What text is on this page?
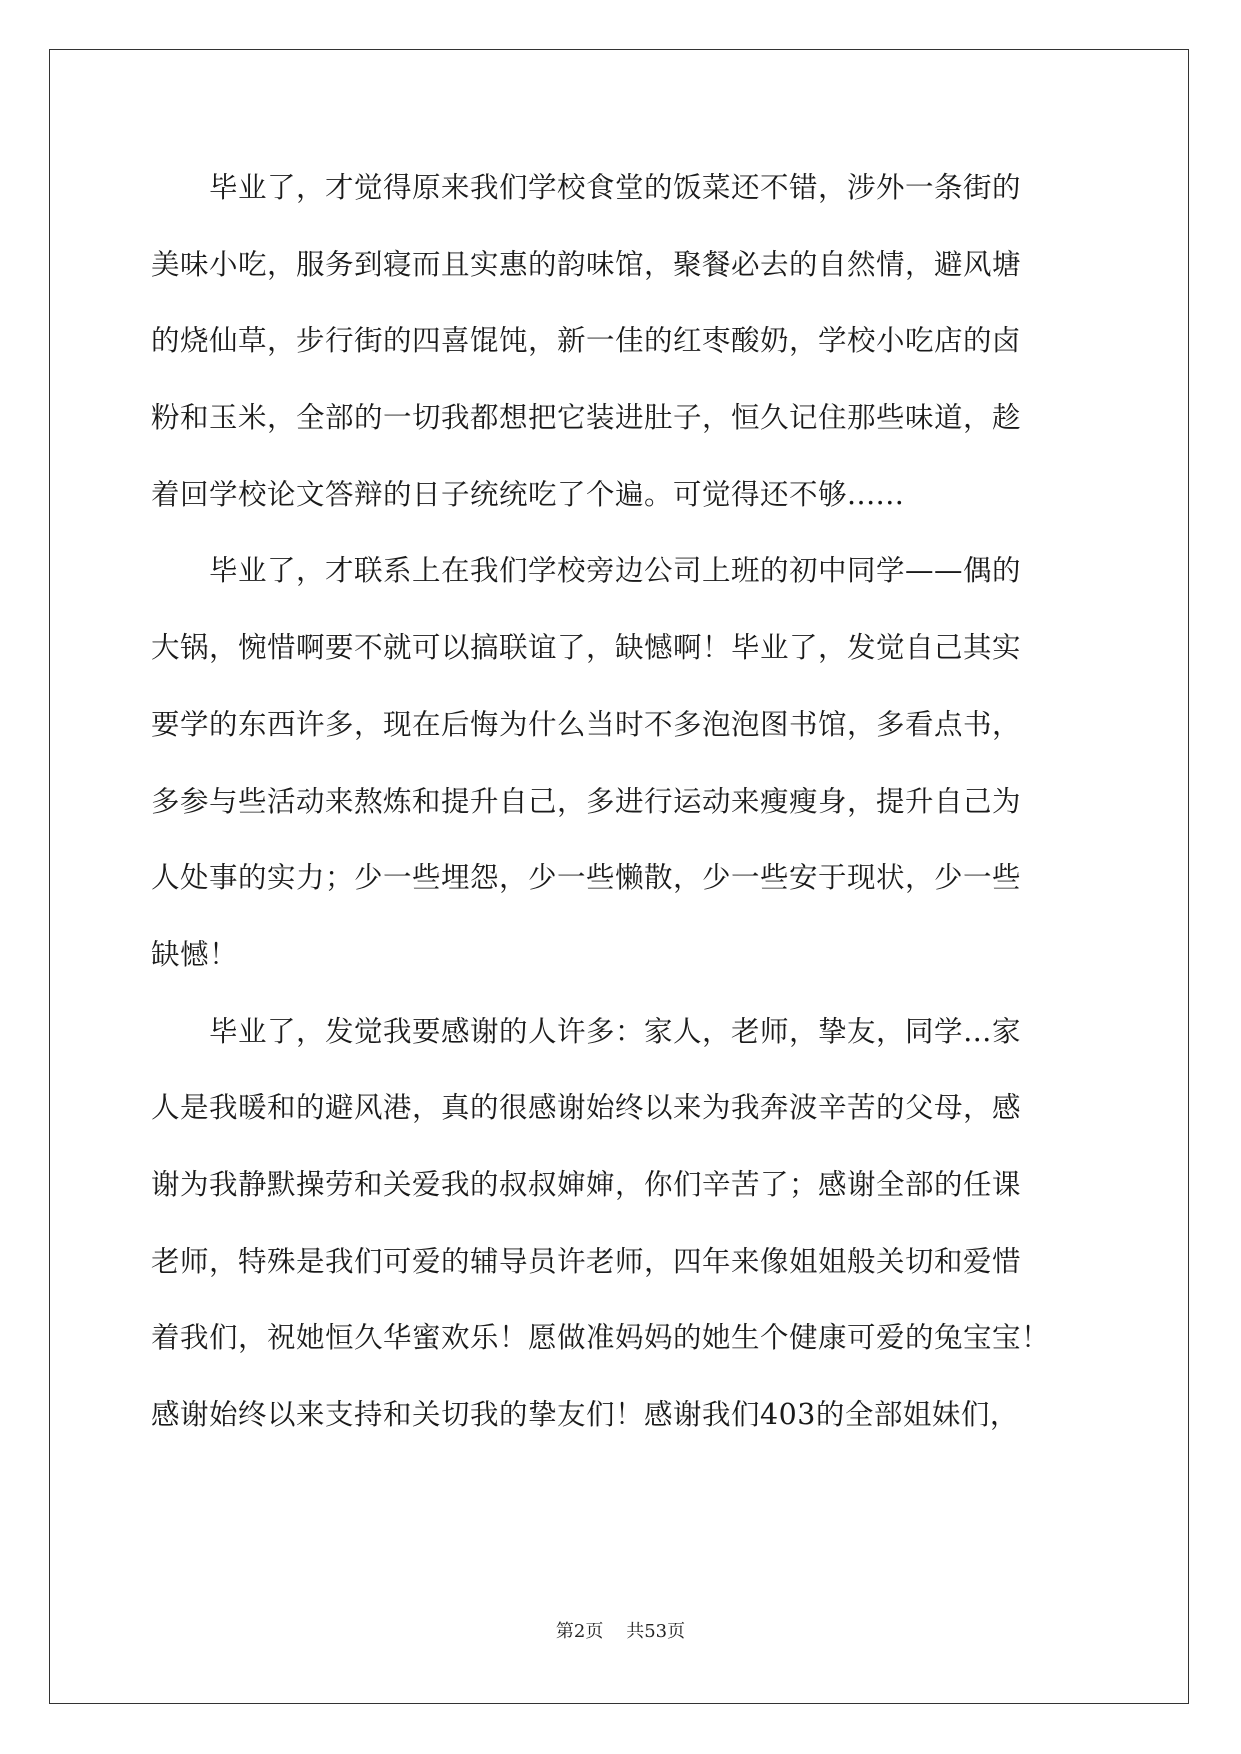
毕业了，才觉得原来我们学校食堂的饭菜还不错，涉外一条街的
美味小吃，服务到寝而且实惠的韵味馆，聚餐必去的自然情，避风塘
的烧仙草，步行街的四喜馄饨，新一佳的红枣酸奶，学校小吃店的卤
粉和玉米，全部的一切我都想把它装进肚子，恒久记住那些味道，趁
着回学校论文答辩的日子统统吃了个遍。可觉得还不够......
毕业了，才联系上在我们学校旁边公司上班的初中同学——偶的
大锅，惋惜啊要不就可以搞联谊了，缺憾啊！毕业了，发觉自己其实
要学的东西许多，现在后悔为什么当时不多泡泡图书馆，多看点书，
多参与些活动来熬炼和提升自己，多进行运动来瘦瘦身，提升自己为
人处事的实力；少一些埋怨，少一些懒散，少一些安于现状，少一些
缺憾！
毕业了，发觉我要感谢的人许多：家人，老师，挚友，同学…家
人是我暖和的避风港，真的很感谢始终以来为我奔波辛苦的父母，感
谢为我静默操劳和关爱我的叔叔婶婶，你们辛苦了；感谢全部的任课
老师，特殊是我们可爱的辅导员许老师，四年来像姐姐般关切和爱惜
着我们，祝她恒久华蜜欢乐！愿做准妈妈的她生个健康可爱的兔宝宝！
感谢始终以来支持和关切我的挚友们！感谢我们403的全部姐妹们，
第2页 共53页
